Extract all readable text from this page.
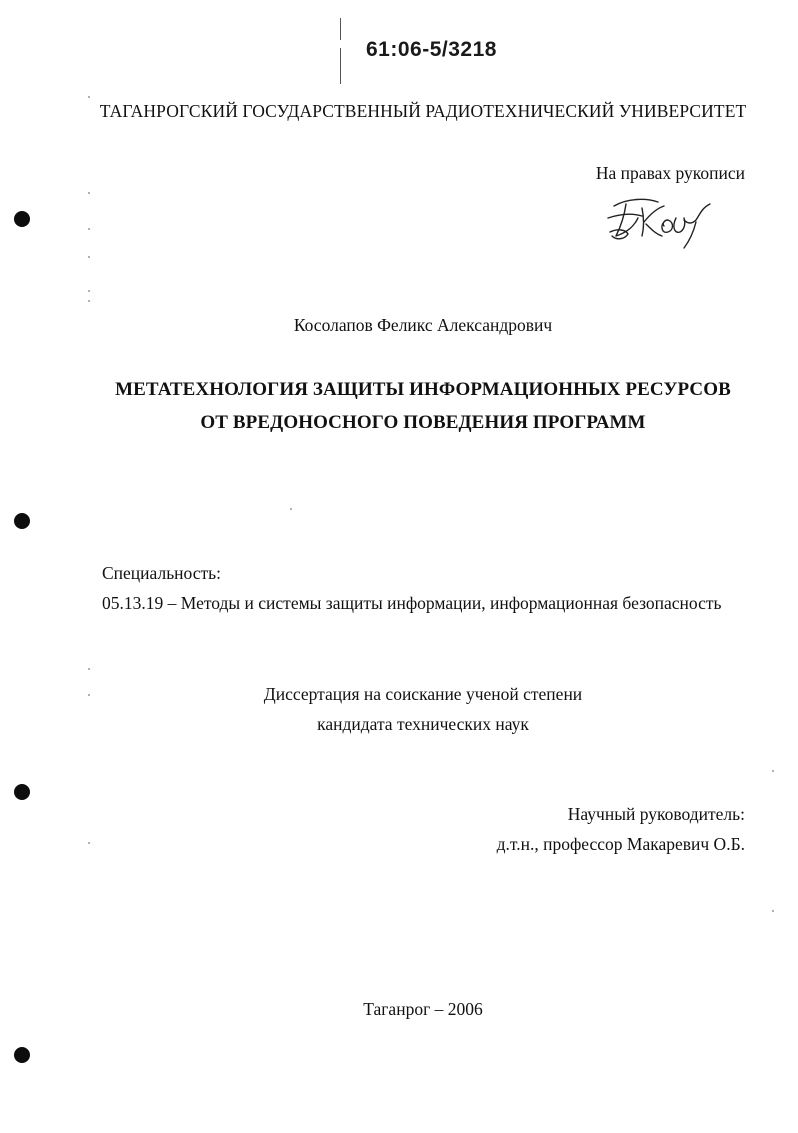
61:06-5/3218
ТАГАНРОГСКИЙ ГОСУДАРСТВЕННЫЙ РАДИОТЕХНИЧЕСКИЙ УНИВЕРСИТЕТ
На правах рукописи
Косолапов Феликс Александрович
МЕТАТЕХНОЛОГИЯ ЗАЩИТЫ ИНФОРМАЦИОННЫХ РЕСУРСОВ
ОТ ВРЕДОНОСНОГО ПОВЕДЕНИЯ ПРОГРАММ
Специальность:
05.13.19 – Методы и системы защиты информации, информационная безопасность
Диссертация на соискание ученой степени
кандидата технических наук
Научный руководитель:
д.т.н., профессор Макаревич О.Б.
Таганрог – 2006
